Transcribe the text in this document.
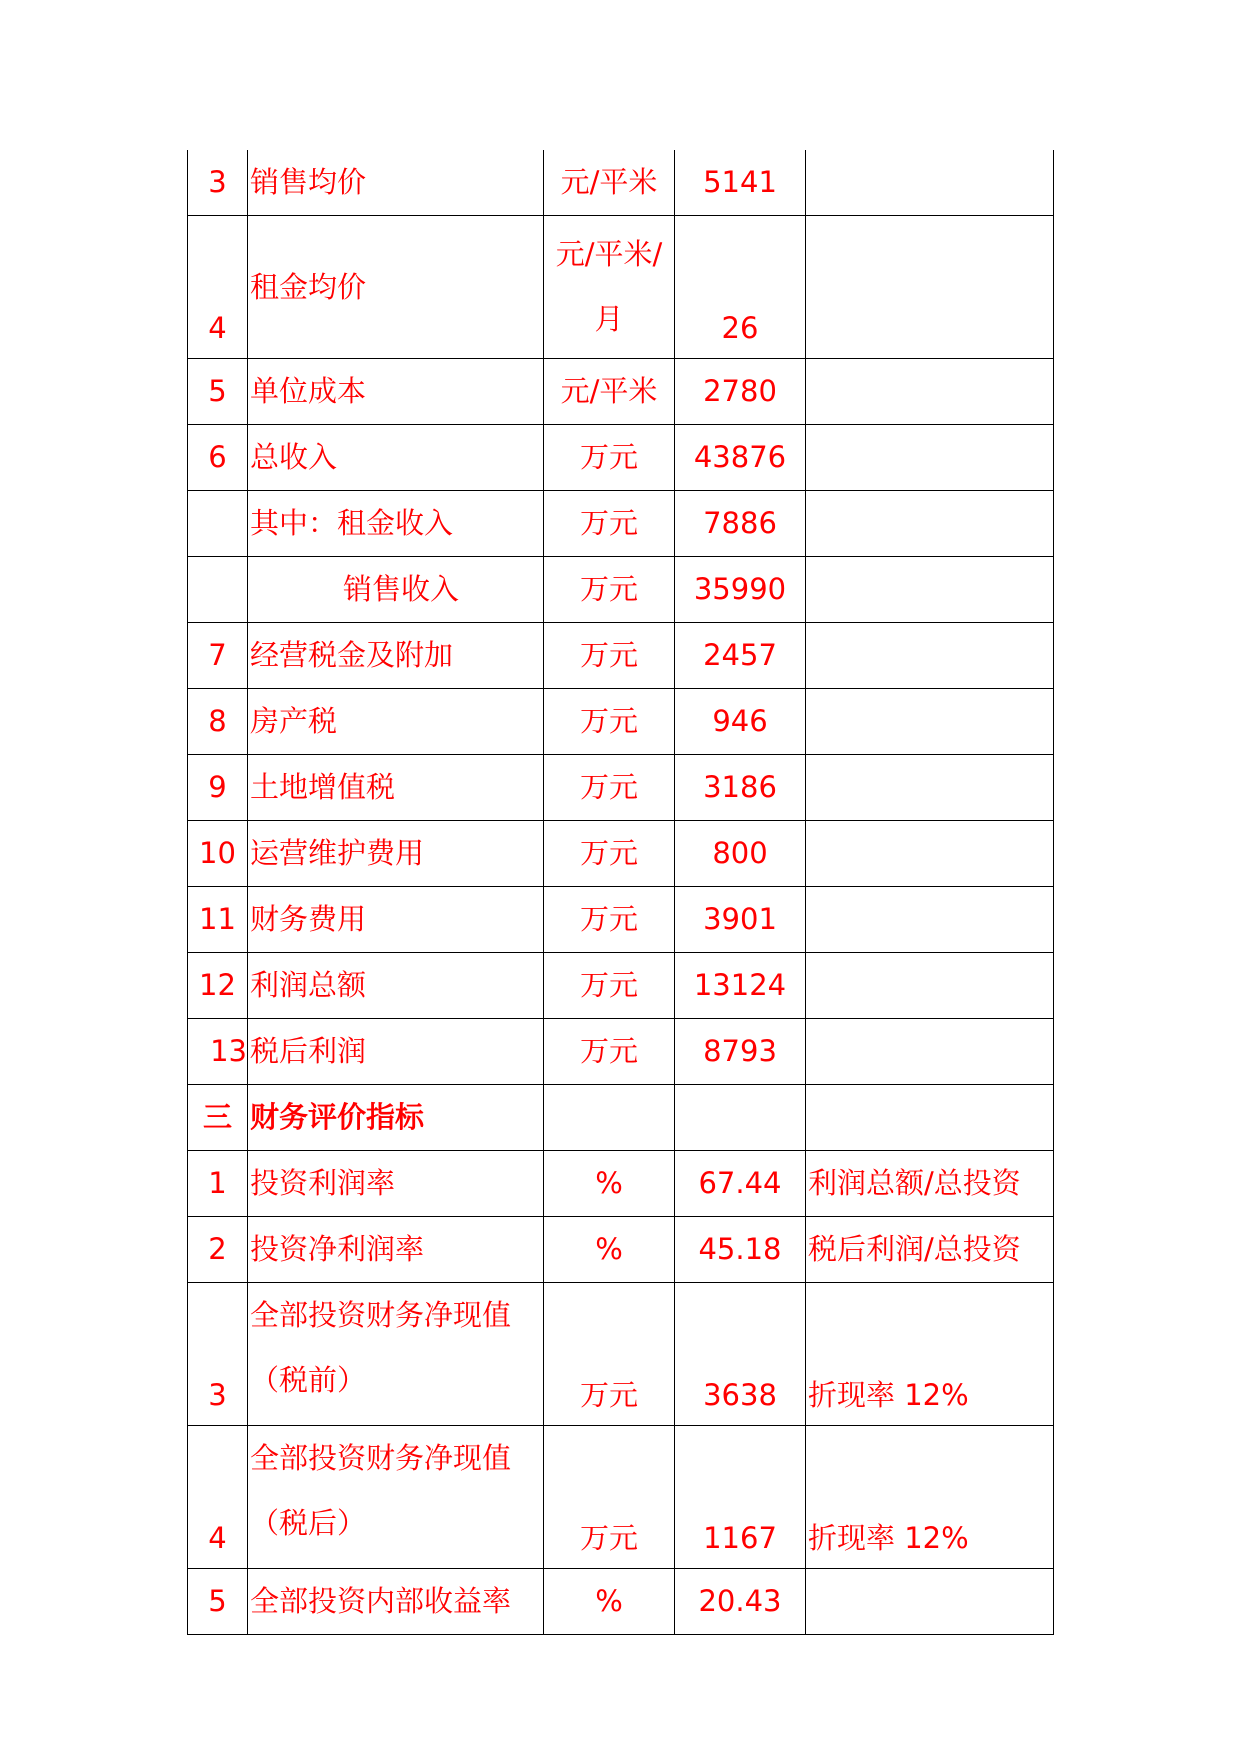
3	销售均价	元/平米	5141	
4	租金均价	元/平米/月	26	
5	单位成本	元/平米	2780	
6	总收入	万元	43876	
	其中：租金收入	万元	7886	
	销售收入	万元	35990	
7	经营税金及附加	万元	2457	
8	房产税	万元	946	
9	土地增值税	万元	3186	
10	运营维护费用	万元	800	
11	财务费用	万元	3901	
12	利润总额	万元	13124	
13	税后利润	万元	8793	
三	财务评价指标			
1	投资利润率	%	67.44	利润总额/总投资
2	投资净利润率	%	45.18	税后利润/总投资
3	全部投资财务净现值（税前）	万元	3638	折现率 12%
4	全部投资财务净现值（税后）	万元	1167	折现率 12%
5	全部投资内部收益率	%	20.43	
